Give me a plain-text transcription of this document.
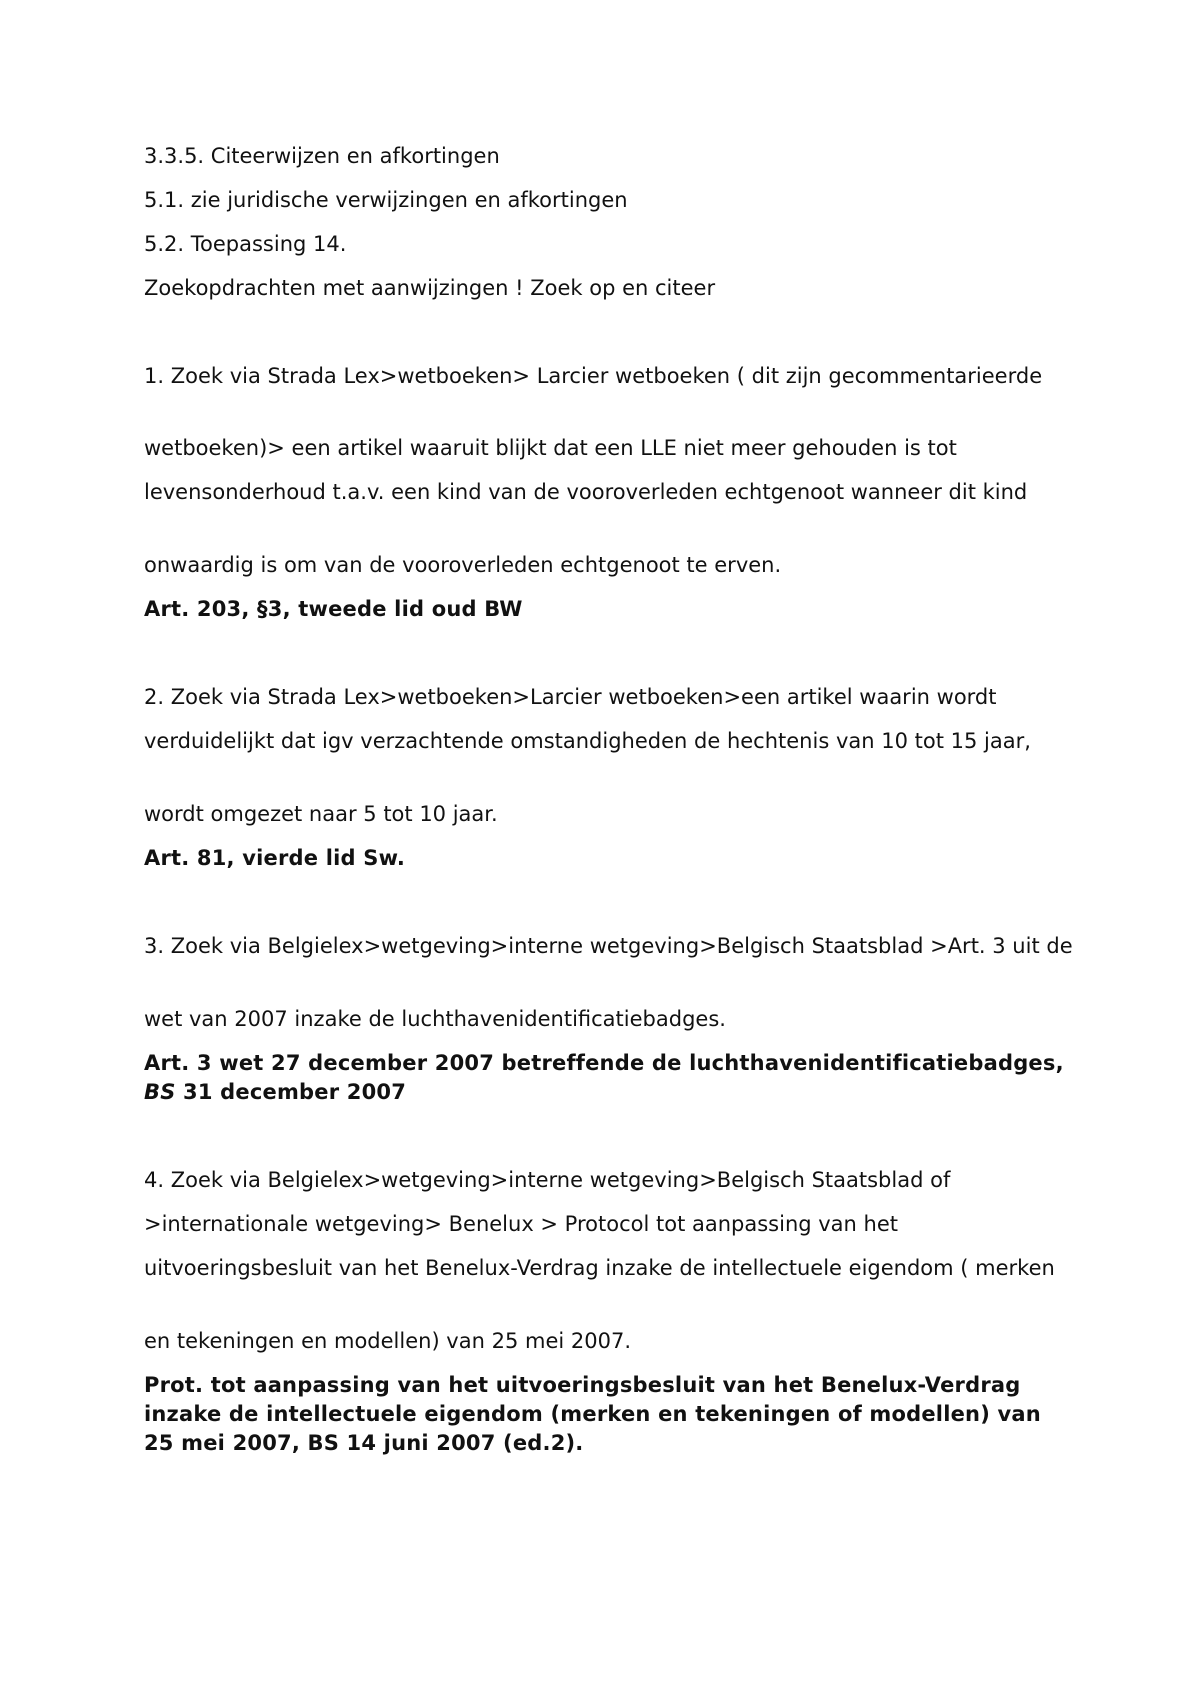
3.3.5. Citeerwijzen en afkortingen

5.1. zie juridische verwijzingen en afkortingen

5.2. Toepassing 14.

Zoekopdrachten met aanwijzingen ! Zoek op en citeer

1. Zoek via Strada Lex>wetboeken> Larcier wetboeken ( dit zijn gecommentarieerde

wetboeken)> een artikel waaruit blijkt dat een LLE niet meer gehouden is tot

levensonderhoud t.a.v. een kind van de vooroverleden echtgenoot wanneer dit kind

onwaardig is om van de vooroverleden echtgenoot te erven.

Art. 203, §3, tweede lid oud BW

2. Zoek via Strada Lex>wetboeken>Larcier wetboeken>een artikel waarin wordt

verduidelijkt dat igv verzachtende omstandigheden de hechtenis van 10 tot 15 jaar,

wordt omgezet naar 5 tot 10 jaar.

Art. 81, vierde lid Sw.

3. Zoek via Belgielex>wetgeving>interne wetgeving>Belgisch Staatsblad >Art. 3 uit de

wet van 2007 inzake de luchthavenidentificatiebadges.

Art. 3 wet 27 december 2007 betreffende de luchthavenidentificatiebadges, BS 31 december 2007

4. Zoek via Belgielex>wetgeving>interne wetgeving>Belgisch Staatsblad of

>internationale wetgeving> Benelux > Protocol tot aanpassing van het

uitvoeringsbesluit van het Benelux-Verdrag inzake de intellectuele eigendom ( merken

en tekeningen en modellen) van 25 mei 2007.

Prot. tot aanpassing van het uitvoeringsbesluit van het Benelux-Verdrag inzake de intellectuele eigendom (merken en tekeningen of modellen) van 25 mei 2007, BS 14 juni 2007 (ed.2).
